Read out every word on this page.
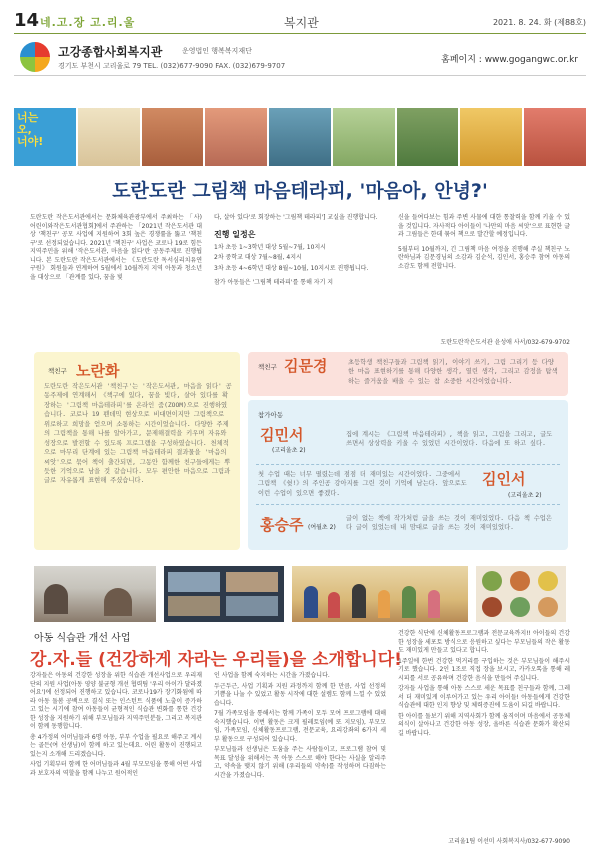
14 네.고.장 고.리.울	복지관	2021. 8. 24. 화 (제88호)
고강종합사회복지관	운영법인 행복복지재단
경기도 부천시 고리울로 79 TEL. (032)677-9090 FAX. (032)679-9707
홈페이지 : www.gogangwc.or.kr
너는
오,
너야!
도란도란 그림책 마음테라피, '마음아, 안녕?'

도란도란 작은도서관에서는 문화체육관광부에서 주최하는 「사)어린이와작은도서관협회]에서 주관하는 「2021년 작은도서관 대상 '책친구' 공모 사업에 지원하여 3회 높은 경쟁률을 뚫고 '책친구'로 선정되었습니다. 2021년 '책친구' 사업은 코로나 19로 힘든 지역주민을 위해 '작은도서관, 마음을 읽다'란 공동주제로 진행됩니다. 본 도란도란 작은도서관에서는 《도란도란 독서심리치유연구원》 회원들과 연계하여 5월에서 10월까지 지역 아동과 청소년을 대상으로 「관계를 있다, 꿈을 빛

다, 살아 있다'로 회장하는 '그림책 테라피'] 교실을 진행합니다.

진행 일정은

1차 초등 1~3학년 대상 5월~7월, 10지시

2차 중학교 대상 7월~8월, 4지시

3차 초등 4~6학년 대상 8월~10월, 10지시로 진행됩니다.

참가 아동들은 '그림책 테라피'를 통해 자기 지

신을 들여다보는 힘과 주변 사물에 대한 통찰력을 함께 키울 수 있을 것입니다. 자사적다 아이들이 '나만의 마음 씨앗'으로 표현한 글과 그림들은 한데 묶어 책으로 발간할 예정입니다.

5월부터 10월까지, 긴 그림책 마음 여정을 진행해 주실 책친구 노란하님과 김문경님의 소감과 김순석, 김인서, 홍승주 참여 아동의 소감도 함께 전합니다.

도란도란작은도서관 윤성애 사서/032-679-9702
책친구 노란화
도란도란 작은도서관 '책친구'는 '작은도서관, 마음을 읽다' 공동주제에 연계해서 《책구에 있다, 꿈을 빛다, 살아 있다를 확장하는 '그림책 마음테라피'를 온라인 줌(ZOOM)으로 진행하였습니다. 코로나 19 펜데믹 현상으로 비대면이지만 그림책으로 위로하고 희망을 얻으며 소통하는 시간이었습니다. 다양한 주제의 그림책을 통해 나를 알아가고, 문제해결력을 키우며 자유와 성장으로 발전할 수 있도록 프로그램을 구성하였습니다. 천체적으로 마무리 단계에 있는 그림책 마음테라피 결과물을 '마음의 씨앗'으로 묶어 책이 출간되면, 그동안 함께한 친구들에게는 뿌듯한 기억으로 남을 것 같습니다. 모두 편안한 마음으로 그림과 글로 자유롭게 표현해 주셨습니다.
책친구 김문경	초등학생 책친구들과 그림책 읽기, 이야기 쓰기, 그림 그리기 등 다양한 마음 표현하기를 통해 다양한 생각, 열린 생각, 그리고 감정을 탐색하는 즐거움을 배울 수 있는 참 소중한 시간이었습니다.
참가아동
김민서
(고리울초 2)
집에 계시는 《그림책 마음테라피》, 책을 읽고, 그림을 그리고, 글도 쓰면서 상상력을 키울 수 있었던 시간이었다. 다음에 또 하고 싶다.
첫 수업 때는 너무 떨렸는데 점점 더 재미있는 시간이었다. 그중에서 그림책 《쉿!》의 주인공 강아지를 그린 것이 기억에 남는다. 앞으로도 이런 수업이 있으면 좋겠다.
김인서
(고리울초 2)
홍승주 (여월초 2)
글이 없는 책에 작가처럼 글을 쓰는 것이 재미있었다. 다음 책 수업은 다 글이 있었는데 내 맘대로 글을 쓰는 것이 재미있었다.
아동 식습관 개선 사업
강.자.들 (건강하게 자라는 우리들)을 소개합니다!

강자들은 아동의 건강한 성장을 위한 식습관 개선사업으로 우리재단의 지원 사업(아동 영양 불균형 개선 협력팀 '우리 아이가 달라졌어요')에 선정되어 진행하고 있습니다. 코로나19가 장기화됨에 따라 아동 돌봄 공백으로 결식 또는 인스턴트 식품에 노출이 증가하고 있는 시기에 참여 아동들이 균형적인 식습관 변화를 통한 건강한 성장을 지원하기 위해 부모님들과 지역주민분들, 그리고 복지관이 함께 동행합니다.

총 4가정의 어머님들과 6명 아동, 부부 수업을 필요로 해주고 계시는 골든(여 선생님)이 함께 하고 있는데요. 어린 활동이 진행되고 있는지 소개해 드리겠습니다.

사업 기획부터 함께 한 어머님들과 4월 부모모임을 통해 어떤 사업과 보호자의 역할을 함께 나누고 원어적인

인 사업을 함께 숙지하는 시간을 가졌습니다.

두근두근, 사업 기획과 지원 과정까지 함께 한 만큼, 사업 선정의 기쁨을 나눌 수 있었고 활동 시작에 대한 설렘도 함께 느낄 수 있었습니다.

7월 가족모임을 통해서는 함께 가족이 모두 모여 프로그램에 대해 숙지했습니다. 이번 활동은 크게 필레토임(예 또 지모임), 부모모임, 가족모임, 신체활동프로그램, 전문교육, 요리강좌의 6가지 세부 활동으로 구성되어 있습니다.

부모님들과 선생님은 도움을 주는 사람들이고, 프로그램 참여 및 목표 달성을 위해서는 꼭 아동 스스로 해야 한다는 사실을 알리주고, 약속을 맺지 않기 위해 (우리들의 약속)를 작성하며 다짐하는 시간을 가졌습니다.

건강한 식단에 신체활동프로그램과 전문교육까지!! 아이들의 건강한 성장을 세포토 방식으로 응원하고 싶다는 부모님들의 작은 활동도 재미있게 만들고 있다고 합니다.

1주일에 한번 건강한 먹거리를 구입하는 것은 부모님들이 해주시기로 했습니다. 2인 1조로 직접 장을 보시고, 카카오톡을 통해 레시피를 서로 공유하며 건강한 음식을 만들어 주십니다.

강자들 사업을 통해 아동 스스로 세운 목표를 친구들과 함께, 그레서 더 재미있게 이루어가고 있는 우리 아이들! 아동들에게 건강한 식습관에 대한 인지 향상 및 체력증진에 도움이 되길 바랍니다.

한 아이를 돌보기 위해 지역사회가 함께 움직이며 마음에서 공동체 의식이 살아나고 건강한 아동 성장, 올바른 식습관 문화가 확산되길 바랍니다.

고리울1팀 이선미 사회복지사/032-677-9090
